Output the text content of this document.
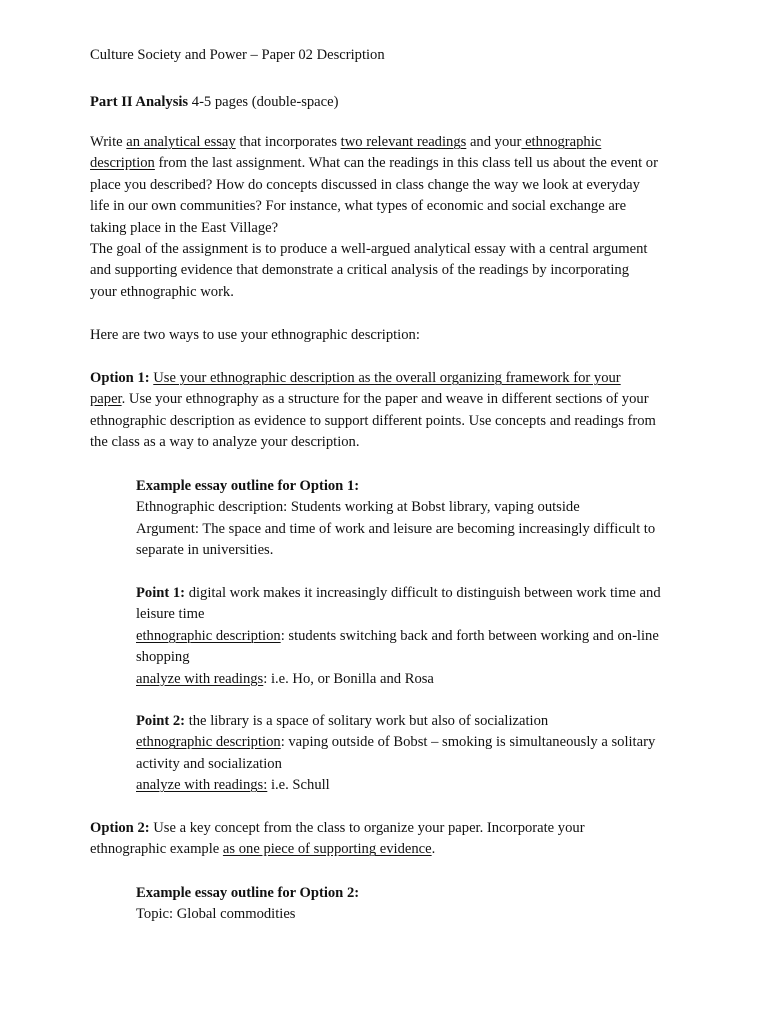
Culture Society and Power – Paper 02 Description

Part II Analysis 4-5 pages (double-space)

Write an analytical essay that incorporates two relevant readings and your ethnographic
description from the last assignment. What can the readings in this class tell us about the event or
place you described? How do concepts discussed in class change the way we look at everyday
life in our own communities? For instance, what types of economic and social exchange are
taking place in the East Village?
The goal of the assignment is to produce a well-argued analytical essay with a central argument
and supporting evidence that demonstrate a critical analysis of the readings by incorporating
your ethnographic work.

Here are two ways to use your ethnographic description:

Option 1: Use your ethnographic description as the overall organizing framework for your
paper. Use your ethnography as a structure for the paper and weave in different sections of your
ethnographic description as evidence to support different points. Use concepts and readings from
the class as a way to analyze your description.

Example essay outline for Option 1:
Ethnographic description: Students working at Bobst library, vaping outside
Argument: The space and time of work and leisure are becoming increasingly difficult to
separate in universities.

Point 1: digital work makes it increasingly difficult to distinguish between work time and
leisure time
ethnographic description: students switching back and forth between working and on-line
shopping
analyze with readings: i.e. Ho, or Bonilla and Rosa

Point 2: the library is a space of solitary work but also of socialization
ethnographic description: vaping outside of Bobst – smoking is simultaneously a solitary
activity and socialization
analyze with readings: i.e. Schull

Option 2: Use a key concept from the class to organize your paper. Incorporate your
ethnographic example as one piece of supporting evidence.

Example essay outline for Option 2:
Topic: Global commodities
